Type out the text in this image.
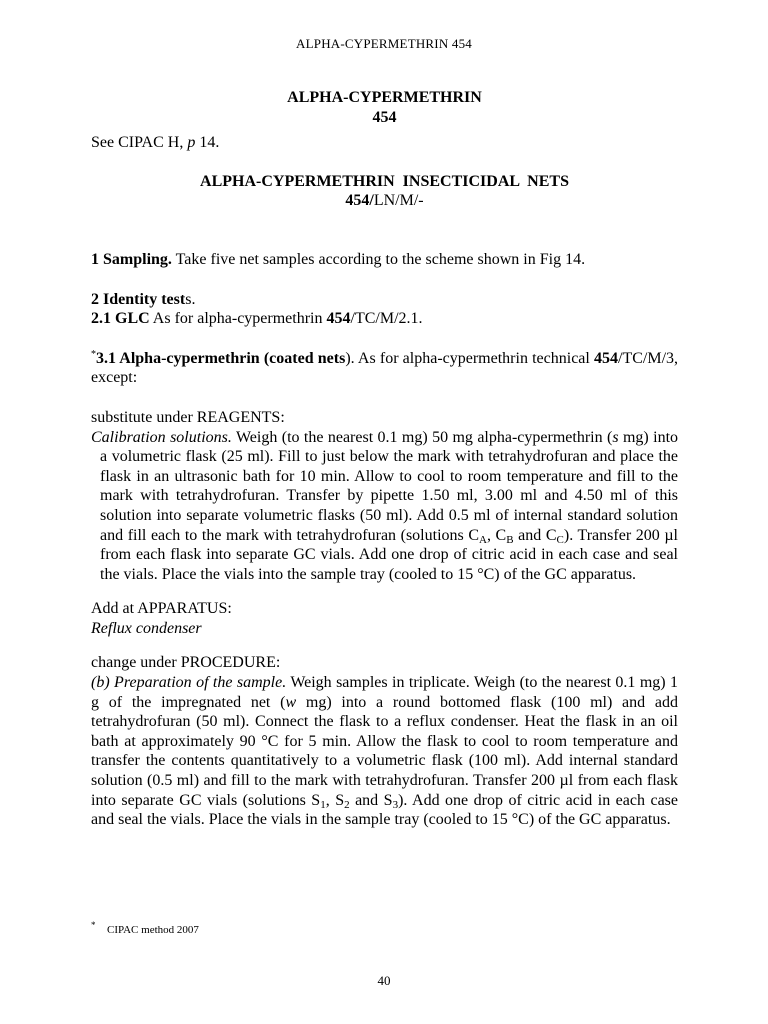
ALPHA-CYPERMETHRIN 454

ALPHA-CYPERMETHRIN

454

See CIPAC H, p 14.

ALPHA-CYPERMETHRIN  INSECTICIDAL  NETS

454/LN/M/-

1 Sampling. Take five net samples according to the scheme shown in Fig 14.

2 Identity tests.

2.1 GLC As for alpha-cypermethrin 454/TC/M/2.1.

*3.1 Alpha-cypermethrin (coated nets). As for alpha-cypermethrin technical 454/TC/M/3, except:

substitute under REAGENTS:

Calibration solutions. Weigh (to the nearest 0.1 mg) 50 mg alpha-cypermethrin (s mg) into a volumetric flask (25 ml). Fill to just below the mark with tetrahydrofuran and place the flask in an ultrasonic bath for 10 min. Allow to cool to room temperature and fill to the mark with tetrahydrofuran. Transfer by pipette 1.50 ml, 3.00 ml and 4.50 ml of this solution into separate volumetric flasks (50 ml). Add 0.5 ml of internal standard solution and fill each to the mark with tetrahydrofuran (solutions $C_A$, $C_B$ and $C_C$). Transfer 200 µl from each flask into separate GC vials. Add one drop of citric acid in each case and seal the vials. Place the vials into the sample tray (cooled to 15 °C) of the GC apparatus.

Add at APPARATUS:

Reflux condenser

change under PROCEDURE:

(b) Preparation of the sample. Weigh samples in triplicate. Weigh (to the nearest 0.1 mg) 1 g of the impregnated net (w mg) into a round bottomed flask (100 ml) and add tetrahydrofuran (50 ml). Connect the flask to a reflux condenser. Heat the flask in an oil bath at approximately 90 °C for 5 min. Allow the flask to cool to room temperature and transfer the contents quantitatively to a volumetric flask (100 ml). Add internal standard solution (0.5 ml) and fill to the mark with tetrahydrofuran. Transfer 200 µl from each flask into separate GC vials (solutions $S_1$, $S_2$ and $S_3$). Add one drop of citric acid in each case and seal the vials. Place the vials in the sample tray (cooled to 15 °C) of the GC apparatus.

* CIPAC method 2007
40
